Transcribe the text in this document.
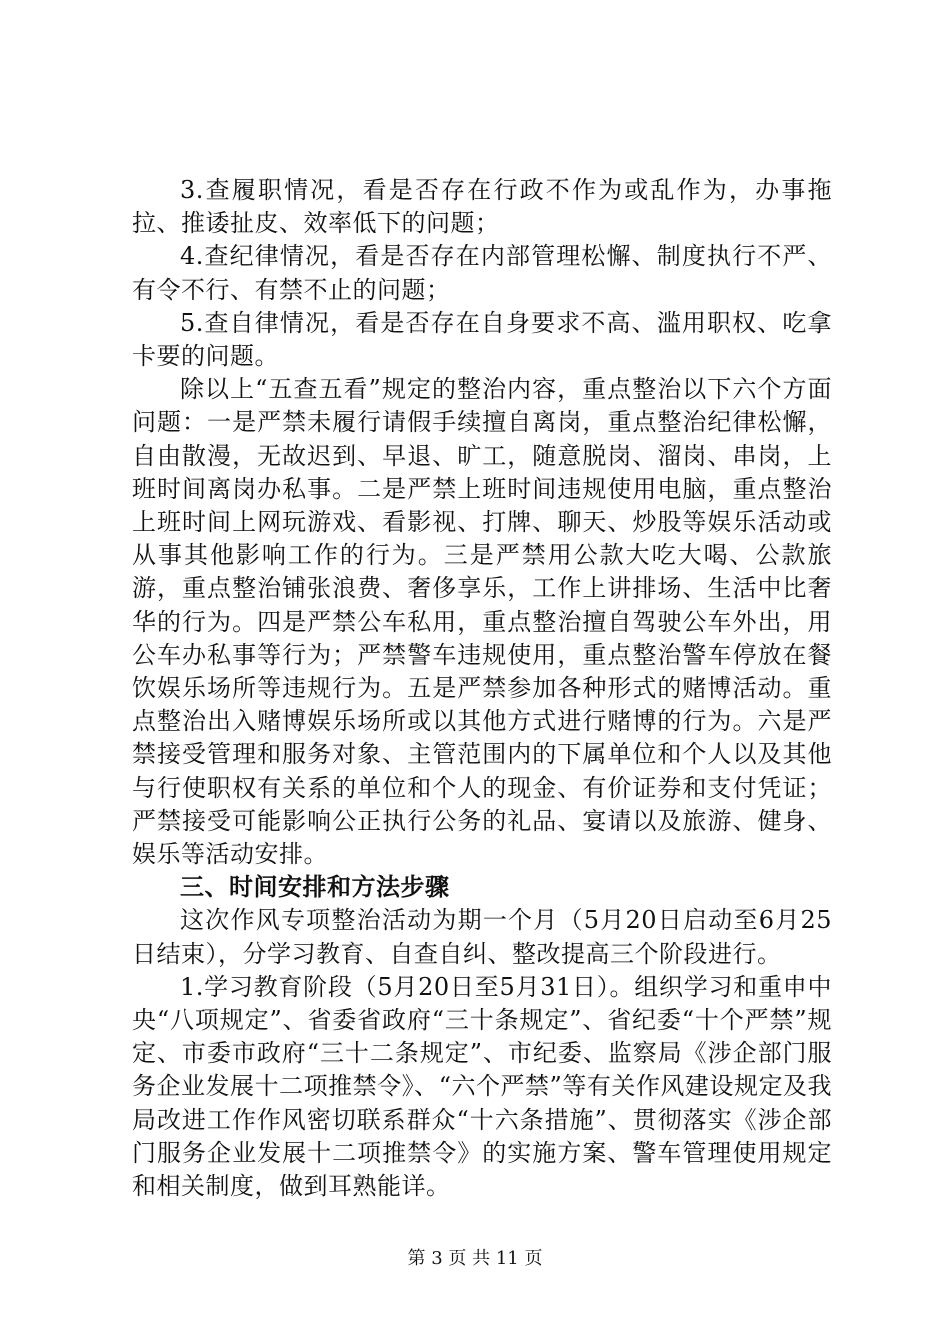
3.查履职情况，看是否存在行政不作为或乱作为，办事拖拉、推诿扯皮、效率低下的问题；

4.查纪律情况，看是否存在内部管理松懈、制度执行不严、有令不行、有禁不止的问题；

5.查自律情况，看是否存在自身要求不高、滥用职权、吃拿卡要的问题。

除以上“五查五看”规定的整治内容，重点整治以下六个方面问题：一是严禁未履行请假手续擅自离岗，重点整治纪律松懈，自由散漫，无故迟到、早退、旷工，随意脱岗、溜岗、串岗，上班时间离岗办私事。二是严禁上班时间违规使用电脑，重点整治上班时间上网玩游戏、看影视、打牌、聊天、炒股等娱乐活动或从事其他影响工作的行为。三是严禁用公款大吃大喝、公款旅游，重点整治铺张浪费、奢侈享乐，工作上讲排场、生活中比奢华的行为。四是严禁公车私用，重点整治擅自驾驶公车外出，用公车办私事等行为；严禁警车违规使用，重点整治警车停放在餐饮娱乐场所等违规行为。五是严禁参加各种形式的赌博活动。重点整治出入赌博娱乐场所或以其他方式进行赌博的行为。六是严禁接受管理和服务对象、主管范围内的下属单位和个人以及其他与行使职权有关系的单位和个人的现金、有价证券和支付凭证；严禁接受可能影响公正执行公务的礼品、宴请以及旅游、健身、娱乐等活动安排。

三、时间安排和方法步骤

这次作风专项整治活动为期一个月（5月20日启动至6月25日结束），分学习教育、自查自纠、整改提高三个阶段进行。

1.学习教育阶段（5月20日至5月31日）。组织学习和重申中央“八项规定”、省委省政府“三十条规定”、省纪委“十个严禁”规定、市委市政府“三十二条规定”、市纪委、监察局《涉企部门服务企业发展十二项推禁令》、“六个严禁”等有关作风建设规定及我局改进工作作风密切联系群众“十六条措施”、贯彻落实《涉企部门服务企业发展十二项推禁令》的实施方案、警车管理使用规定和相关制度，做到耳熟能详。

第 3 页 共 11 页
